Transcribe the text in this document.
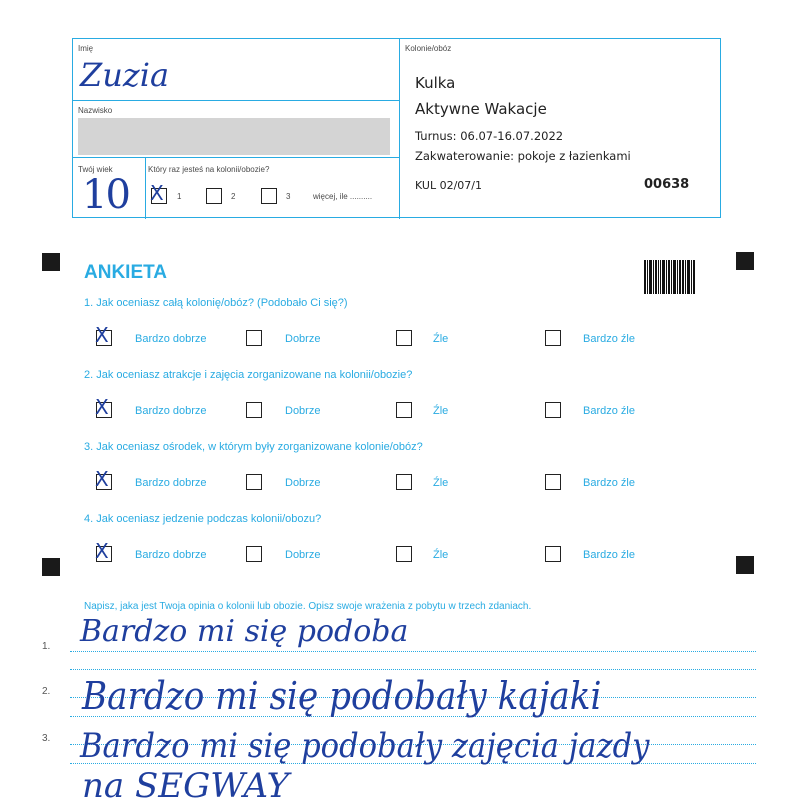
Imię
Zuzia
Nazwisko
Twój wiek
10
Który raz jesteś na kolonii/obozie?
X 1	2	3	więcej, ile ..........
Kolonie/obóz
Kulka
Aktywne Wakacje
Turnus: 06.07-16.07.2022
Zakwaterowanie: pokoje z łazienkami
KUL 02/07/1	00638
ANKIETA
1. Jak oceniasz całą kolonię/obóz? (Podobało Ci się?)
X Bardzo dobrze	Dobrze	Źle	Bardzo źle
2. Jak oceniasz atrakcje i zajęcia zorganizowane na kolonii/obozie?
X Bardzo dobrze	Dobrze	Źle	Bardzo źle
3. Jak oceniasz ośrodek, w którym były zorganizowane kolonie/obóz?
X Bardzo dobrze	Dobrze	Źle	Bardzo źle
4. Jak oceniasz jedzenie podczas kolonii/obozu?
X Bardzo dobrze	Dobrze	Źle	Bardzo źle
Napisz, jaka jest Twoja opinia o kolonii lub obozie. Opisz swoje wrażenia z pobytu w trzech zdaniach.
1.
2.
3.
Bardzo mi się podoba
Bardzo mi się podobały kajaki
Bardzo mi się podobały zajęcia jazdy
na SEGWAY
